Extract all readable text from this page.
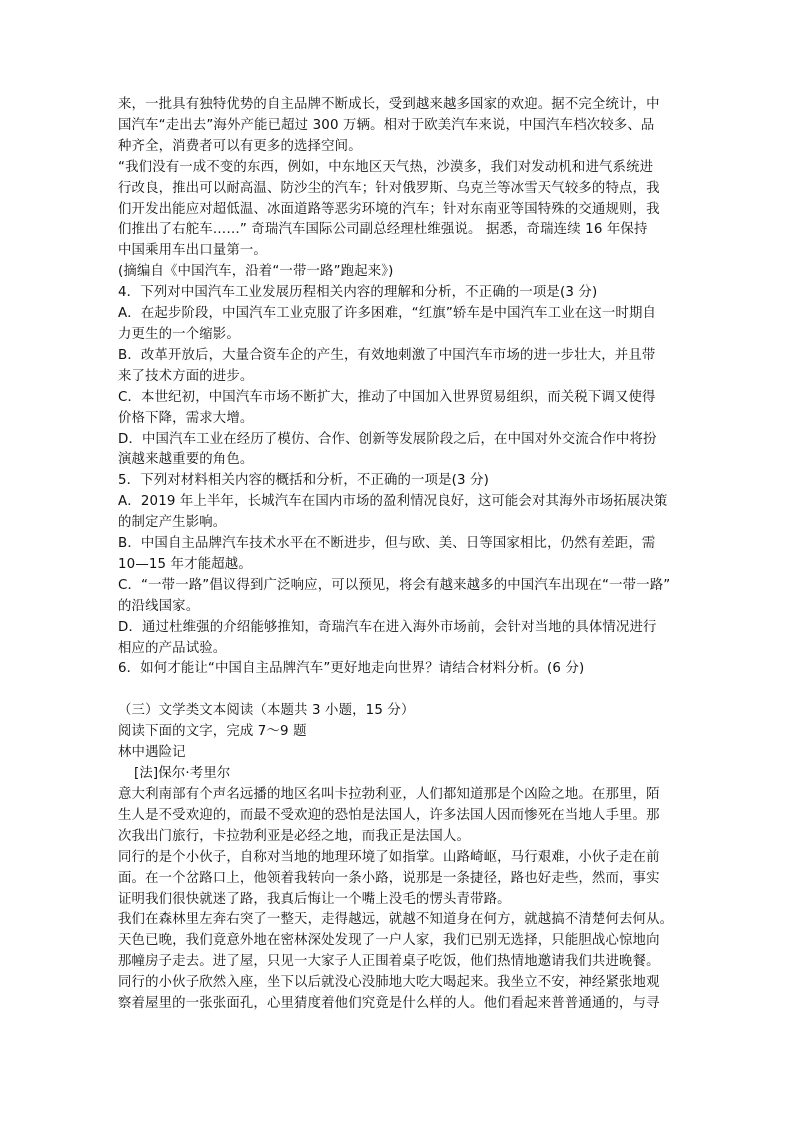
来，一批具有独特优势的自主品牌不断成长，受到越来越多国家的欢迎。据不完全统计，中

国汽车“走出去”海外产能已超过 300 万辆。相对于欧美汽车来说，中国汽车档次较多、品

种齐全，消费者可以有更多的选择空间。

“我们没有一成不变的东西，例如，中东地区天气热，沙漠多，我们对发动机和进气系统进

行改良，推出可以耐高温、防沙尘的汽车；针对俄罗斯、乌克兰等冰雪天气较多的特点，我

们开发出能应对超低温、冰面道路等恶劣环境的汽车；针对东南亚等国特殊的交通规则，我

们推出了右舵车……” 奇瑞汽车国际公司副总经理杜维强说。 据悉，奇瑞连续 16 年保持

中国乘用车出口量第一。

(摘编自《中国汽车，沿着“一带一路”跑起来》)

4．下列对中国汽车工业发展历程相关内容的理解和分析，不正确的一项是(3 分)

A．在起步阶段，中国汽车工业克服了许多困难，“红旗”轿车是中国汽车工业在这一时期自

力更生的一个缩影。

B．改革开放后，大量合资车企的产生，有效地刺激了中国汽车市场的进一步壮大，并且带

来了技术方面的进步。

C．本世纪初，中国汽车市场不断扩大，推动了中国加入世界贸易组织，而关税下调又使得

价格下降，需求大增。

D．中国汽车工业在经历了模仿、合作、创新等发展阶段之后，在中国对外交流合作中将扮

演越来越重要的角色。

5．下列对材料相关内容的概括和分析，不正确的一项是(3 分)

A．2019 年上半年，长城汽车在国内市场的盈利情况良好，这可能会对其海外市场拓展决策

的制定产生影响。

B．中国自主品牌汽车技术水平在不断进步，但与欧、美、日等国家相比，仍然有差距，需

10—15 年才能超越。

C．“一带一路”倡议得到广泛响应，可以预见，将会有越来越多的中国汽车出现在“一带一路”

的沿线国家。

D．通过杜维强的介绍能够推知，奇瑞汽车在进入海外市场前，会针对当地的具体情况进行

相应的产品试验。

6．如何才能让“中国自主品牌汽车”更好地走向世界？请结合材料分析。(6 分)

（三）文学类文本阅读（本题共 3 小题，15 分）

阅读下面的文字，完成 7～9 题

林中遇险记

[法]保尔·考里尔

意大利南部有个声名远播的地区名叫卡拉勃利亚，人们都知道那是个凶险之地。在那里，陌

生人是不受欢迎的，而最不受欢迎的恐怕是法国人，许多法国人因而惨死在当地人手里。那

次我出门旅行，卡拉勃利亚是必经之地，而我正是法国人。

同行的是个小伙子，自称对当地的地理环境了如指掌。山路崎岖，马行艰难，小伙子走在前

面。在一个岔路口上，他领着我转向一条小路，说那是一条捷径，路也好走些，然而，事实

证明我们很快就迷了路，我真后悔让一个嘴上没毛的愣头青带路。

我们在森林里左奔右突了一整天，走得越远，就越不知道身在何方，就越搞不清楚何去何从。

天色已晚，我们竟意外地在密林深处发现了一户人家，我们已别无选择，只能胆战心惊地向

那幢房子走去。进了屋，只见一大家子人正围着桌子吃饭，他们热情地邀请我们共进晚餐。

同行的小伙子欣然入座，坐下以后就没心没肺地大吃大喝起来。我坐立不安，神经紧张地观

察着屋里的一张张面孔，心里猜度着他们究竟是什么样的人。他们看起来普普通通的，与寻
